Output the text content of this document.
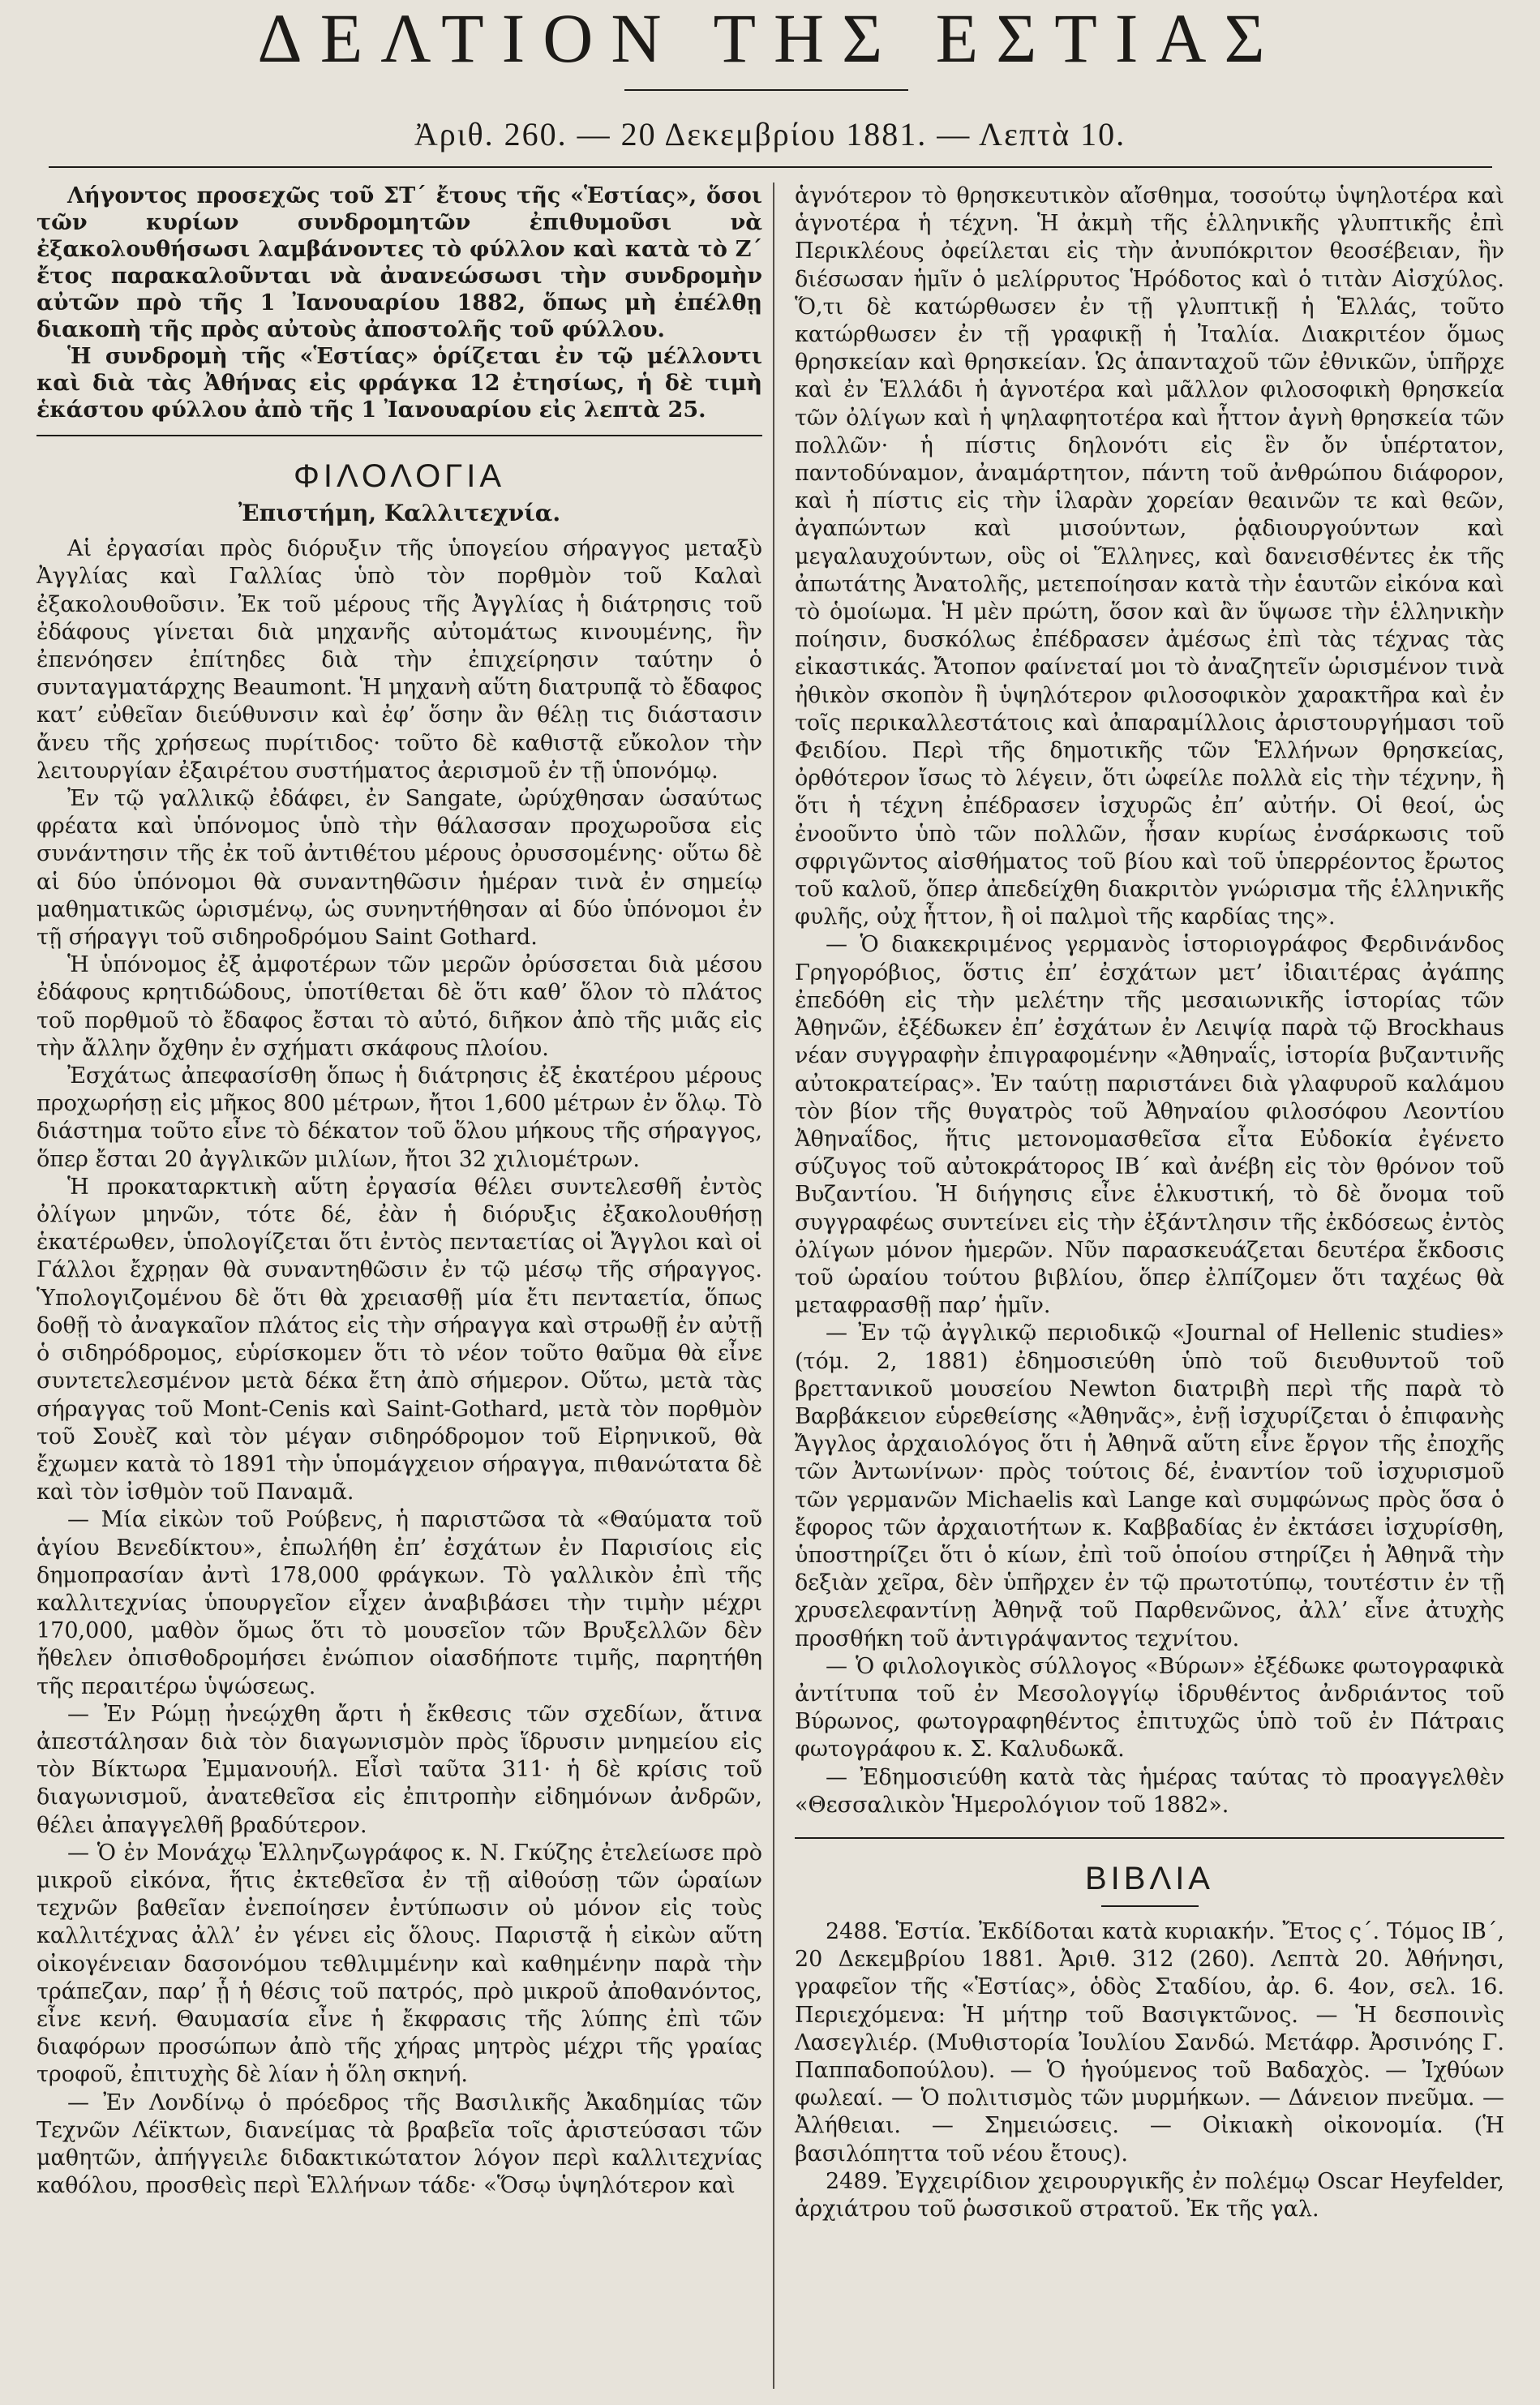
ΔΕΛΤΙΟΝ ΤΗΣ ΕΣΤΙΑΣ
Ἀριθ. 260. — 20 Δεκεμβρίου 1881. — Λεπτὰ 10.

Λήγοντος προσεχῶς τοῦ ΣΤ´ ἔτους τῆς «Ἑστίας», ὅσοι τῶν κυρίων συνδρομητῶν ἐπιθυμοῦσι νὰ ἐξακολουθήσωσι λαμβάνοντες τὸ φύλλον καὶ κατὰ τὸ Ζ´ ἔτος παρακαλοῦνται νὰ ἀνανεώσωσι τὴν συνδρομὴν αὐτῶν πρὸ τῆς 1 Ἰανουαρίου 1882, ὅπως μὴ ἐπέλθῃ διακοπὴ τῆς πρὸς αὐτοὺς ἀποστολῆς τοῦ φύλλου.

Ἡ συνδρομὴ τῆς «Ἑστίας» ὁρίζεται ἐν τῷ μέλλοντι καὶ διὰ τὰς Ἀθήνας εἰς φράγκα 12 ἐτησίως, ἡ δὲ τιμὴ ἑκάστου φύλλου ἀπὸ τῆς 1 Ἰανουαρίου εἰς λεπτὰ 25.

ΦΙΛΟΛΟΓΙΑ
Ἐπιστήμη, Καλλιτεχνία.

Αἱ ἐργασίαι πρὸς διόρυξιν τῆς ὑπογείου σήραγγος μεταξὺ Ἀγγλίας καὶ Γαλλίας ὑπὸ τὸν πορθμὸν τοῦ Καλαὶ ἐξακολουθοῦσιν. Ἐκ τοῦ μέρους τῆς Ἀγγλίας ἡ διάτρησις τοῦ ἐδάφους γίνεται διὰ μηχανῆς αὐτομάτως κινουμένης, ἣν ἐπενόησεν ἐπίτηδες διὰ τὴν ἐπιχείρησιν ταύτην ὁ συνταγματάρχης Beaumont. Ἡ μηχανὴ αὕτη διατρυπᾷ τὸ ἔδαφος κατ’ εὐθεῖαν διεύθυνσιν καὶ ἐφ’ ὅσην ἂν θέλῃ τις διάστασιν ἄνευ τῆς χρήσεως πυρίτιδος· τοῦτο δὲ καθιστᾷ εὔκολον τὴν λειτουργίαν ἐξαιρέτου συστήματος ἀερισμοῦ ἐν τῇ ὑπονόμῳ.

Ἐν τῷ γαλλικῷ ἐδάφει, ἐν Sangate, ὠρύχθησαν ὡσαύτως φρέατα καὶ ὑπόνομος ὑπὸ τὴν θάλασσαν προχωροῦσα εἰς συνάντησιν τῆς ἐκ τοῦ ἀντιθέτου μέρους ὀρυσσομένης· οὕτω δὲ αἱ δύο ὑπόνομοι θὰ συναντηθῶσιν ἡμέραν τινὰ ἐν σημείῳ μαθηματικῶς ὡρισμένῳ, ὡς συνηντήθησαν αἱ δύο ὑπόνομοι ἐν τῇ σήραγγι τοῦ σιδηροδρόμου Saint Gothard.

Ἡ ὑπόνομος ἐξ ἀμφοτέρων τῶν μερῶν ὀρύσσεται διὰ μέσου ἐδάφους κρητιδώδους, ὑποτίθεται δὲ ὅτι καθ’ ὅλον τὸ πλάτος τοῦ πορθμοῦ τὸ ἔδαφος ἔσται τὸ αὐτό, διῆκον ἀπὸ τῆς μιᾶς εἰς τὴν ἄλλην ὄχθην ἐν σχήματι σκάφους πλοίου.

Ἐσχάτως ἀπεφασίσθη ὅπως ἡ διάτρησις ἐξ ἑκατέρου μέρους προχωρήσῃ εἰς μῆκος 800 μέτρων, ἤτοι 1,600 μέτρων ἐν ὅλῳ. Τὸ διάστημα τοῦτο εἶνε τὸ δέκατον τοῦ ὅλου μήκους τῆς σήραγγος, ὅπερ ἔσται 20 ἀγγλικῶν μιλίων, ἤτοι 32 χιλιομέτρων.

Ἡ προκαταρκτικὴ αὕτη ἐργασία θέλει συντελεσθῆ ἐντὸς ὀλίγων μηνῶν, τότε δέ, ἐὰν ἡ διόρυξις ἐξακολουθήσῃ ἑκατέρωθεν, ὑπολογίζεται ὅτι ἐντὸς πενταετίας οἱ Ἄγγλοι καὶ οἱ Γάλλοι ἔχρῃαν θὰ συναντηθῶσιν ἐν τῷ μέσῳ τῆς σήραγγος. Ὑπολογιζομένου δὲ ὅτι θὰ χρειασθῇ μία ἔτι πενταετία, ὅπως δοθῇ τὸ ἀναγκαῖον πλάτος εἰς τὴν σήραγγα καὶ στρωθῇ ἐν αὐτῇ ὁ σιδηρόδρομος, εὑρίσκομεν ὅτι τὸ νέον τοῦτο θαῦμα θὰ εἶνε συντετελεσμένον μετὰ δέκα ἔτη ἀπὸ σήμερον. Οὕτω, μετὰ τὰς σήραγγας τοῦ Mont-Cenis καὶ Saint-Gothard, μετὰ τὸν πορθμὸν τοῦ Σουὲζ καὶ τὸν μέγαν σιδηρόδρομον τοῦ Εἰρηνικοῦ, θὰ ἔχωμεν κατὰ τὸ 1891 τὴν ὑπομάγχειον σήραγγα, πιθανώτατα δὲ καὶ τὸν ἰσθμὸν τοῦ Παναμᾶ.

— Μία εἰκὼν τοῦ Ρούβενς, ἡ παριστῶσα τὰ «Θαύματα τοῦ ἁγίου Βενεδίκτου», ἐπωλήθη ἐπ’ ἐσχάτων ἐν Παρισίοις εἰς δημοπρασίαν ἀντὶ 178,000 φράγκων. Τὸ γαλλικὸν ἐπὶ τῆς καλλιτεχνίας ὑπουργεῖον εἶχεν ἀναβιβάσει τὴν τιμὴν μέχρι 170,000, μαθὸν ὅμως ὅτι τὸ μουσεῖον τῶν Βρυξελλῶν δὲν ἤθελεν ὀπισθοδρομήσει ἐνώπιον οἱασδήποτε τιμῆς, παρητήθη τῆς περαιτέρω ὑψώσεως.

— Ἐν Ρώμῃ ἠνεῴχθη ἄρτι ἡ ἔκθεσις τῶν σχεδίων, ἅτινα ἀπεστάλησαν διὰ τὸν διαγωνισμὸν πρὸς ἵδρυσιν μνημείου εἰς τὸν Βίκτωρα Ἐμμανουήλ. Εἶσὶ ταῦτα 311· ἡ δὲ κρίσις τοῦ διαγωνισμοῦ, ἀνατεθεῖσα εἰς ἐπιτροπὴν εἰδημόνων ἀνδρῶν, θέλει ἀπαγγελθῆ βραδύτερον.

— Ὁ ἐν Μονάχῳ Ἑλληνζωγράφος κ. Ν. Γκύζης ἐτελείωσε πρὸ μικροῦ εἰκόνα, ἥτις ἐκτεθεῖσα ἐν τῇ αἰθούσῃ τῶν ὡραίων τεχνῶν βαθεῖαν ἐνεποίησεν ἐντύπωσιν οὐ μόνον εἰς τοὺς καλλιτέχνας ἀλλ’ ἐν γένει εἰς ὅλους. Παριστᾷ ἡ εἰκὼν αὕτη οἰκογένειαν δασονόμου τεθλιμμένην καὶ καθημένην παρὰ τὴν τράπεζαν, παρ’ ᾗ ἡ θέσις τοῦ πατρός, πρὸ μικροῦ ἀποθανόντος, εἶνε κενή. Θαυμασία εἶνε ἡ ἔκφρασις τῆς λύπης ἐπὶ τῶν διαφόρων προσώπων ἀπὸ τῆς χήρας μητρὸς μέχρι τῆς γραίας τροφοῦ, ἐπιτυχὴς δὲ λίαν ἡ ὅλη σκηνή.

— Ἐν Λονδίνῳ ὁ πρόεδρος τῆς Βασιλικῆς Ἀκαδημίας τῶν Τεχνῶν Λέϊκτων, διανείμας τὰ βραβεῖα τοῖς ἀριστεύσασι τῶν μαθητῶν, ἀπήγγειλε διδακτικώτατον λόγον περὶ καλλιτεχνίας καθόλου, προσθεὶς περὶ Ἑλλήνων τάδε· «Ὅσῳ ὑψηλότερον καὶ

ἁγνότερον τὸ θρησκευτικὸν αἴσθημα, τοσούτῳ ὑψηλοτέρα καὶ ἁγνοτέρα ἡ τέχνη. Ἡ ἀκμὴ τῆς ἑλληνικῆς γλυπτικῆς ἐπὶ Περικλέους ὀφείλεται εἰς τὴν ἀνυπόκριτον θεοσέβειαν, ἣν διέσωσαν ἡμῖν ὁ μελίρρυτος Ἡρόδοτος καὶ ὁ τιτὰν Αἰσχύλος. Ὅ,τι δὲ κατώρθωσεν ἐν τῇ γλυπτικῇ ἡ Ἑλλάς, τοῦτο κατώρθωσεν ἐν τῇ γραφικῇ ἡ Ἰταλία. Διακριτέον ὅμως θρησκείαν καὶ θρησκείαν. Ὡς ἁπανταχοῦ τῶν ἐθνικῶν, ὑπῆρχε καὶ ἐν Ἑλλάδι ἡ ἁγνοτέρα καὶ μᾶλλον φιλοσοφικὴ θρησκεία τῶν ὀλίγων καὶ ἡ ψηλαφητοτέρα καὶ ἧττον ἁγνὴ θρησκεία τῶν πολλῶν· ἡ πίστις δηλονότι εἰς ἓν ὄν ὑπέρτατον, παντοδύναμον, ἀναμάρτητον, πάντη τοῦ ἀνθρώπου διάφορον, καὶ ἡ πίστις εἰς τὴν ἱλαρὰν χορείαν θεαινῶν τε καὶ θεῶν, ἀγαπώντων καὶ μισούντων, ῥᾳδιουργούντων καὶ μεγαλαυχούντων, οὓς οἱ Ἕλληνες, καὶ δανεισθέντες ἐκ τῆς ἀπωτάτης Ἀνατολῆς, μετεποίησαν κατὰ τὴν ἑαυτῶν εἰκόνα καὶ τὸ ὁμοίωμα. Ἡ μὲν πρώτη, ὅσον καὶ ἂν ὕψωσε τὴν ἑλληνικὴν ποίησιν, δυσκόλως ἐπέδρασεν ἀμέσως ἐπὶ τὰς τέχνας τὰς εἰκαστικάς. Ἄτοπον φαίνεταί μοι τὸ ἀναζητεῖν ὡρισμένον τινὰ ἠθικὸν σκοπὸν ἢ ὑψηλότερον φιλοσοφικὸν χαρακτῆρα καὶ ἐν τοῖς περικαλλεστάτοις καὶ ἀπαραμίλλοις ἀριστουργήμασι τοῦ Φειδίου. Περὶ τῆς δημοτικῆς τῶν Ἑλλήνων θρησκείας, ὀρθότερον ἴσως τὸ λέγειν, ὅτι ὠφείλε πολλὰ εἰς τὴν τέχνην, ἢ ὅτι ἡ τέχνη ἐπέδρασεν ἰσχυρῶς ἐπ’ αὐτήν. Οἱ θεοί, ὡς ἐνοοῦντο ὑπὸ τῶν πολλῶν, ἦσαν κυρίως ἐνσάρκωσις τοῦ σφριγῶντος αἰσθήματος τοῦ βίου καὶ τοῦ ὑπερρέοντος ἔρωτος τοῦ καλοῦ, ὅπερ ἀπεδείχθη διακριτὸν γνώρισμα τῆς ἑλληνικῆς φυλῆς, οὐχ ἧττον, ἢ οἱ παλμοὶ τῆς καρδίας της».

— Ὁ διακεκριμένος γερμανὸς ἱστοριογράφος Φερδινάνδος Γρηγορόβιος, ὅστις ἐπ’ ἐσχάτων μετ’ ἰδιαιτέρας ἀγάπης ἐπεδόθη εἰς τὴν μελέτην τῆς μεσαιωνικῆς ἱστορίας τῶν Ἀθηνῶν, ἐξέδωκεν ἐπ’ ἐσχάτων ἐν Λειψίᾳ παρὰ τῷ Brockhaus νέαν συγγραφὴν ἐπιγραφομένην «Ἀθηναΐς, ἱστορία βυζαντινῆς αὐτοκρατείρας». Ἐν ταύτῃ παριστάνει διὰ γλαφυροῦ καλάμου τὸν βίον τῆς θυγατρὸς τοῦ Ἀθηναίου φιλοσόφου Λεοντίου Ἀθηναΐδος, ἥτις μετονομασθεῖσα εἶτα Εὐδοκία ἐγένετο σύζυγος τοῦ αὐτοκράτορος ΙΒ´ καὶ ἀνέβη εἰς τὸν θρόνον τοῦ Βυζαντίου. Ἡ διήγησις εἶνε ἑλκυστική, τὸ δὲ ὄνομα τοῦ συγγραφέως συντείνει εἰς τὴν ἐξάντλησιν τῆς ἐκδόσεως ἐντὸς ὀλίγων μόνον ἡμερῶν. Νῦν παρασκευάζεται δευτέρα ἔκδοσις τοῦ ὡραίου τούτου βιβλίου, ὅπερ ἐλπίζομεν ὅτι ταχέως θὰ μεταφρασθῇ παρ’ ἡμῖν.

— Ἐν τῷ ἀγγλικῷ περιοδικῷ «Journal of Hellenic studies» (τόμ. 2, 1881) ἐδημοσιεύθη ὑπὸ τοῦ διευθυντοῦ τοῦ βρεττανικοῦ μουσείου Newton διατριβὴ περὶ τῆς παρὰ τὸ Βαρβάκειον εὑρεθείσης «Ἀθηνᾶς», ἐνῇ ἰσχυρίζεται ὁ ἐπιφανὴς Ἄγγλος ἀρχαιολόγος ὅτι ἡ Ἀθηνᾶ αὕτη εἶνε ἔργον τῆς ἐποχῆς τῶν Ἀντωνίνων· πρὸς τούτοις δέ, ἐναντίον τοῦ ἰσχυρισμοῦ τῶν γερμανῶν Michaelis καὶ Lange καὶ συμφώνως πρὸς ὅσα ὁ ἔφορος τῶν ἀρχαιοτήτων κ. Καββαδίας ἐν ἐκτάσει ἰσχυρίσθη, ὑποστηρίζει ὅτι ὁ κίων, ἐπὶ τοῦ ὁποίου στηρίζει ἡ Ἀθηνᾶ τὴν δεξιὰν χεῖρα, δὲν ὑπῆρχεν ἐν τῷ πρωτοτύπῳ, τουτέστιν ἐν τῇ χρυσελεφαντίνῃ Ἀθηνᾷ τοῦ Παρθενῶνος, ἀλλ’ εἶνε ἀτυχὴς προσθήκη τοῦ ἀντιγράψαντος τεχνίτου.

— Ὁ φιλολογικὸς σύλλογος «Βύρων» ἐξέδωκε φωτογραφικὰ ἀντίτυπα τοῦ ἐν Μεσολογγίῳ ἱδρυθέντος ἀνδριάντος τοῦ Βύρωνος, φωτογραφηθέντος ἐπιτυχῶς ὑπὸ τοῦ ἐν Πάτραις φωτογράφου κ. Σ. Καλυδωκᾶ.

— Ἐδημοσιεύθη κατὰ τὰς ἡμέρας ταύτας τὸ προαγγελθὲν «Θεσσαλικὸν Ἡμερολόγιον τοῦ 1882».

ΒΙΒΛΙΑ

2488. Ἑστία. Ἐκδίδοται κατὰ κυριακήν. Ἔτος ς´. Τόμος ΙΒ´, 20 Δεκεμβρίου 1881. Ἀριθ. 312 (260). Λεπτὰ 20. Ἀθήνησι, γραφεῖον τῆς «Ἑστίας», ὁδὸς Σταδίου, ἀρ. 6. 4ον, σελ. 16. Περιεχόμενα: Ἡ μήτηρ τοῦ Βασιγκτῶνος. — Ἡ δεσποινὶς Λασεγλιέρ. (Μυθιστορία Ἰουλίου Σανδώ. Μετάφρ. Ἀρσινόης Γ. Παππαδοπούλου). — Ὁ ἡγούμενος τοῦ Βαδαχὸς. — Ἰχθύων φωλεαί. — Ὁ πολιτισμὸς τῶν μυρμήκων. — Δάνειον πνεῦμα. — Ἀλήθειαι. — Σημειώσεις. — Οἰκιακὴ οἰκονομία. (Ἡ βασιλόπηττα τοῦ νέου ἔτους).

2489. Ἐγχειρίδιον χειρουργικῆς ἐν πολέμῳ Oscar Heyfelder, ἀρχιάτρου τοῦ ῥωσσικοῦ στρατοῦ. Ἐκ τῆς γαλ.
